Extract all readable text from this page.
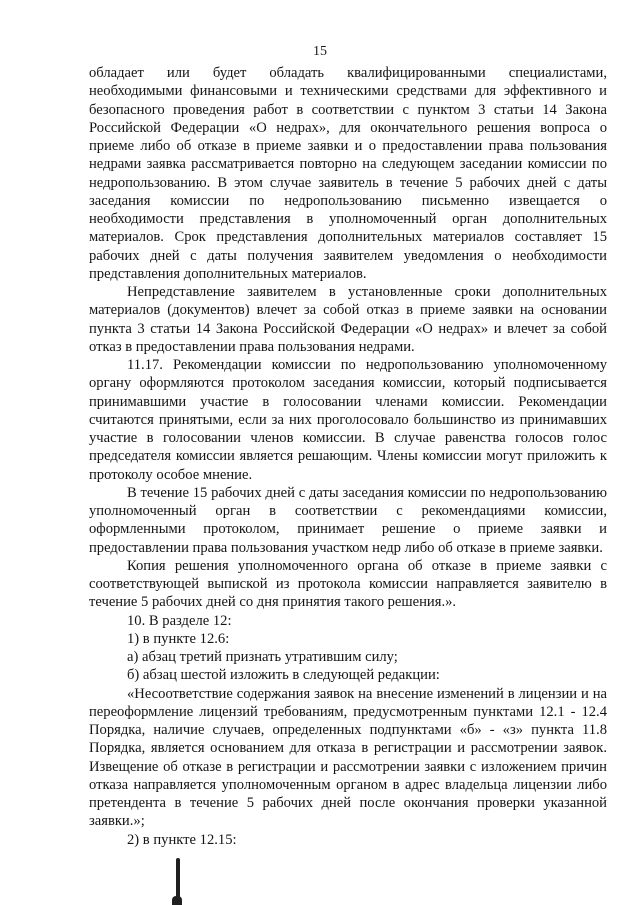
15

обладает или будет обладать квалифицированными специалистами, необходимыми финансовыми и техническими средствами для эффективного и безопасного проведения работ в соответствии с пунктом 3 статьи 14 Закона Российской Федерации «О недрах», для окончательного решения вопроса о приеме либо об отказе в приеме заявки и о предоставлении права пользования недрами заявка рассматривается повторно на следующем заседании комиссии по недропользованию. В этом случае заявитель в течение 5 рабочих дней с даты заседания комиссии по недропользованию письменно извещается о необходимости представления в уполномоченный орган дополнительных материалов. Срок представления дополнительных материалов составляет 15 рабочих дней с даты получения заявителем уведомления о необходимости представления дополнительных материалов.

Непредставление заявителем в установленные сроки дополнительных материалов (документов) влечет за собой отказ в приеме заявки на основании пункта 3 статьи 14 Закона Российской Федерации «О недрах» и влечет за собой отказ в предоставлении права пользования недрами.

11.17. Рекомендации комиссии по недропользованию уполномоченному органу оформляются протоколом заседания комиссии, который подписывается принимавшими участие в голосовании членами комиссии. Рекомендации считаются принятыми, если за них проголосовало большинство из принимавших участие в голосовании членов комиссии. В случае равенства голосов голос председателя комиссии является решающим. Члены комиссии могут приложить к протоколу особое мнение.

В течение 15 рабочих дней с даты заседания комиссии по недропользованию уполномоченный орган в соответствии с рекомендациями комиссии, оформленными протоколом, принимает решение о приеме заявки и предоставлении права пользования участком недр либо об отказе в приеме заявки.

Копия решения уполномоченного органа об отказе в приеме заявки с соответствующей выпиской из протокола комиссии направляется заявителю в течение 5 рабочих дней со дня принятия такого решения.».

10. В разделе 12:

1) в пункте 12.6:

а) абзац третий признать утратившим силу;

б) абзац шестой изложить в следующей редакции:

«Несоответствие содержания заявок на внесение изменений в лицензии и на переоформление лицензий требованиям, предусмотренным пунктами 12.1 - 12.4 Порядка, наличие случаев, определенных подпунктами «б» - «з» пункта 11.8 Порядка, является основанием для отказа в регистрации и рассмотрении заявок. Извещение об отказе в регистрации и рассмотрении заявки с изложением причин отказа направляется уполномоченным органом в адрес владельца лицензии либо претендента в течение 5 рабочих дней после окончания проверки указанной заявки.»;

2) в пункте 12.15:
